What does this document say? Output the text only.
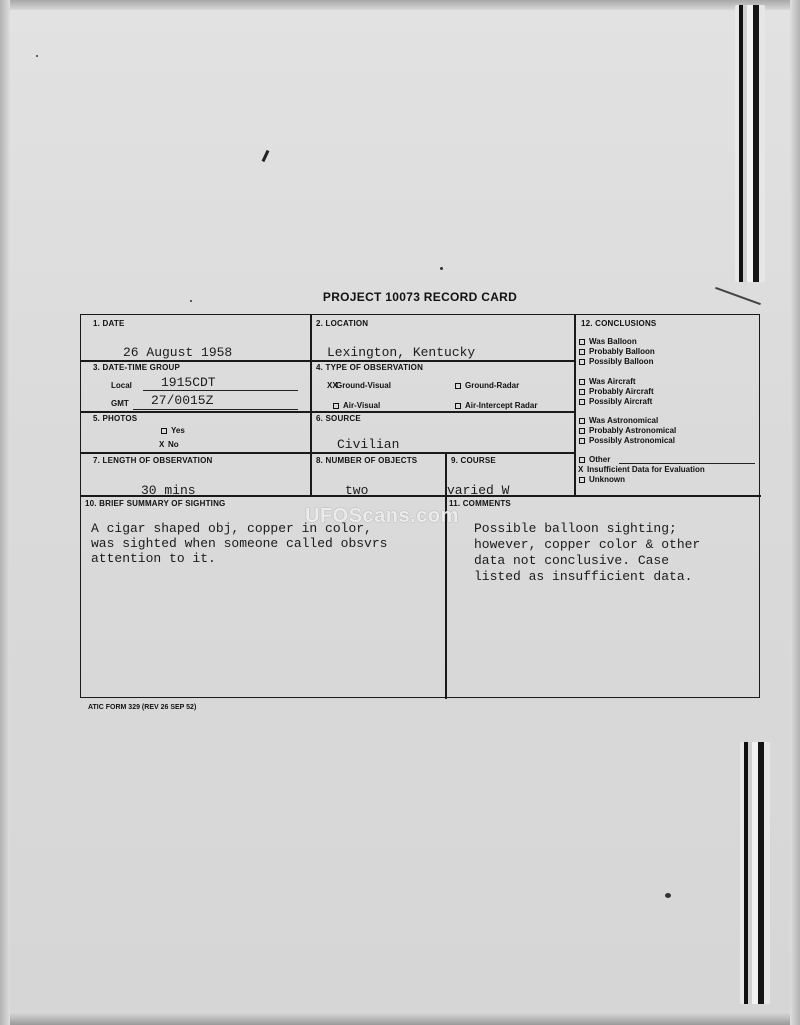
PROJECT 10073 RECORD CARD
1. DATE
26 August 1958
2. LOCATION
Lexington, Kentucky
3. DATE-TIME GROUP
Local 1915CDT
GMT 27/0015Z
4. TYPE OF OBSERVATION
XXGround-Visual	Ground-Radar
Air-Visual	Air-Intercept Radar
5. PHOTOS
Yes
X No
6. SOURCE
Civilian
7. LENGTH OF OBSERVATION
30 mins
8. NUMBER OF OBJECTS
two
9. COURSE
varied W
10. BRIEF SUMMARY OF SIGHTING
A cigar shaped obj, copper in color,
was sighted when someone called obsvrs
attention to it.
11. COMMENTS
Possible balloon sighting;
however, copper color & other
data not conclusive. Case
listed as insufficient data.
12. CONCLUSIONS
Was Balloon
Probably Balloon
Possibly Balloon
Was Aircraft
Probably Aircraft
Possibly Aircraft
Was Astronomical
Probably Astronomical
Possibly Astronomical
Other
X Insufficient Data for Evaluation
Unknown
UFOScans.com
ATIC FORM 329 (REV 26 SEP 52)
